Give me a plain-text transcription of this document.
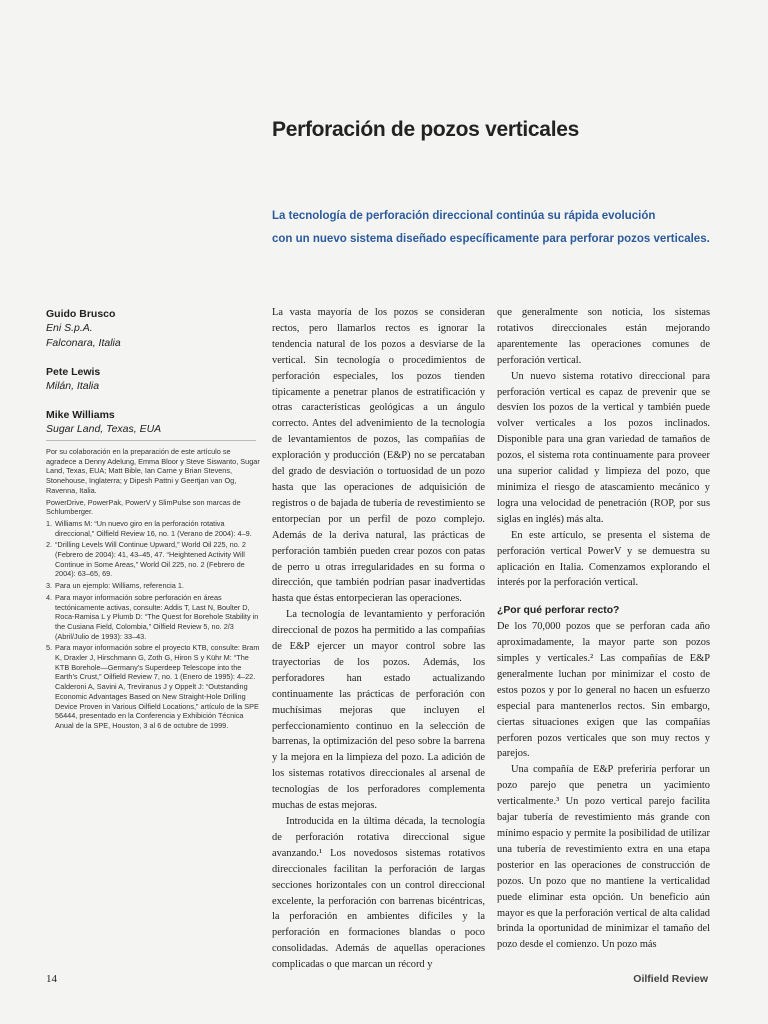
Perforación de pozos verticales
La tecnología de perforación direccional continúa su rápida evolución
con un nuevo sistema diseñado específicamente para perforar pozos verticales.
Guido Brusco
Eni S.p.A.
Falconara, Italia
Pete Lewis
Milán, Italia
Mike Williams
Sugar Land, Texas, EUA

Por su colaboración en la preparación de este artículo se agradece a Denny Adelung, Emma Bloor y Steve Siswanto, Sugar Land, Texas, EUA; Matt Bible, Ian Carne y Brian Stevens, Stonehouse, Inglaterra; y Dipesh Pattni y Geertjan van Og, Ravenna, Italia.

PowerDrive, PowerPak, PowerV y SlimPulse son marcas de Schlumberger.

1. Williams M: “Un nuevo giro en la perforación rotativa direccional,” Oilfield Review 16, no. 1 (Verano de 2004): 4–9.
2. “Drilling Levels Will Continue Upward,” World Oil 225, no. 2 (Febrero de 2004): 41, 43–45, 47. “Heightened Activity Will Continue in Some Areas,” World Oil 225, no. 2 (Febrero de 2004): 63–65, 69.
3. Para un ejemplo: Williams, referencia 1.
4. Para mayor información sobre perforación en áreas tectónicamente activas, consulte: Addis T, Last N, Boulter D, Roca-Ramisa L y Plumb D: “The Quest for Borehole Stability in the Cusiana Field, Colombia,” Oilfield Review 5, no. 2/3 (Abril/Julio de 1993): 33–43.
5. Para mayor información sobre el proyecto KTB, consulte: Bram K, Draxler J, Hirschmann G, Zoth G, Hiron S y Kühr M: “The KTB Borehole—Germany’s Superdeep Telescope into the Earth’s Crust,” Oilfield Review 7, no. 1 (Enero de 1995): 4–22. Calderoni A, Savini A, Treviranus J y Oppelt J: “Outstanding Economic Advantages Based on New Straight-Hole Drilling Device Proven in Various Oilfield Locations,” artículo de la SPE 56444, presentado en la Conferencia y Exhibición Técnica Anual de la SPE, Houston, 3 al 6 de octubre de 1999.

La vasta mayoría de los pozos se consideran rectos, pero llamarlos rectos es ignorar la tendencia natural de los pozos a desviarse de la vertical. Sin tecnología o procedimientos de perforación especiales, los pozos tienden típicamente a penetrar planos de estratificación y otras características geológicas a un ángulo correcto. Antes del advenimiento de la tecnología de levantamientos de pozos, las compañías de exploración y producción (E&P) no se percataban del grado de desviación o tortuosidad de un pozo hasta que las operaciones de adquisición de registros o de bajada de tubería de revestimiento se entorpecían por un perfil de pozo complejo. Además de la deriva natural, las prácticas de perforación también pueden crear pozos con patas de perro u otras irregularidades en su forma o dirección, que también podrían pasar inadvertidas hasta que éstas entorpecieran las operaciones.

La tecnología de levantamiento y perforación direccional de pozos ha permitido a las compañías de E&P ejercer un mayor control sobre las trayectorias de los pozos. Además, los perforadores han estado actualizando continuamente las prácticas de perforación con muchísimas mejoras que incluyen el perfeccionamiento continuo en la selección de barrenas, la optimización del peso sobre la barrena y la mejora en la limpieza del pozo. La adición de los sistemas rotativos direccionales al arsenal de tecnologías de los perforadores complementa muchas de estas mejoras.

Introducida en la última década, la tecnología de perforación rotativa direccional sigue avanzando.¹ Los novedosos sistemas rotativos direccionales facilitan la perforación de largas secciones horizontales con un control direccional excelente, la perforación con barrenas bicéntricas, la perforación en ambientes difíciles y la perforación en formaciones blandas o poco consolidadas. Además de aquellas operaciones complicadas o que marcan un récord y

que generalmente son noticia, los sistemas rotativos direccionales están mejorando aparentemente las operaciones comunes de perforación vertical.

Un nuevo sistema rotativo direccional para perforación vertical es capaz de prevenir que se desvíen los pozos de la vertical y también puede volver verticales a los pozos inclinados. Disponible para una gran variedad de tamaños de pozos, el sistema rota continuamente para proveer una superior calidad y limpieza del pozo, que minimiza el riesgo de atascamiento mecánico y logra una velocidad de penetración (ROP, por sus siglas en inglés) más alta.

En este artículo, se presenta el sistema de perforación vertical PowerV y se demuestra su aplicación en Italia. Comenzamos explorando el interés por la perforación vertical.

¿Por qué perforar recto?

De los 70,000 pozos que se perforan cada año aproximadamente, la mayor parte son pozos simples y verticales.² Las compañías de E&P generalmente luchan por minimizar el costo de estos pozos y por lo general no hacen un esfuerzo especial para mantenerlos rectos. Sin embargo, ciertas situaciones exigen que las compañías perforen pozos verticales que son muy rectos y parejos.

Una compañía de E&P preferiría perforar un pozo parejo que penetra un yacimiento verticalmente.³ Un pozo vertical parejo facilita bajar tubería de revestimiento más grande con mínimo espacio y permite la posibilidad de utilizar una tubería de revestimiento extra en una etapa posterior en las operaciones de construcción de pozos. Un pozo que no mantiene la verticalidad puede eliminar esta opción. Un beneficio aún mayor es que la perforación vertical de alta calidad brinda la oportunidad de minimizar el tamaño del pozo desde el comienzo. Un pozo más

14	Oilfield Review
